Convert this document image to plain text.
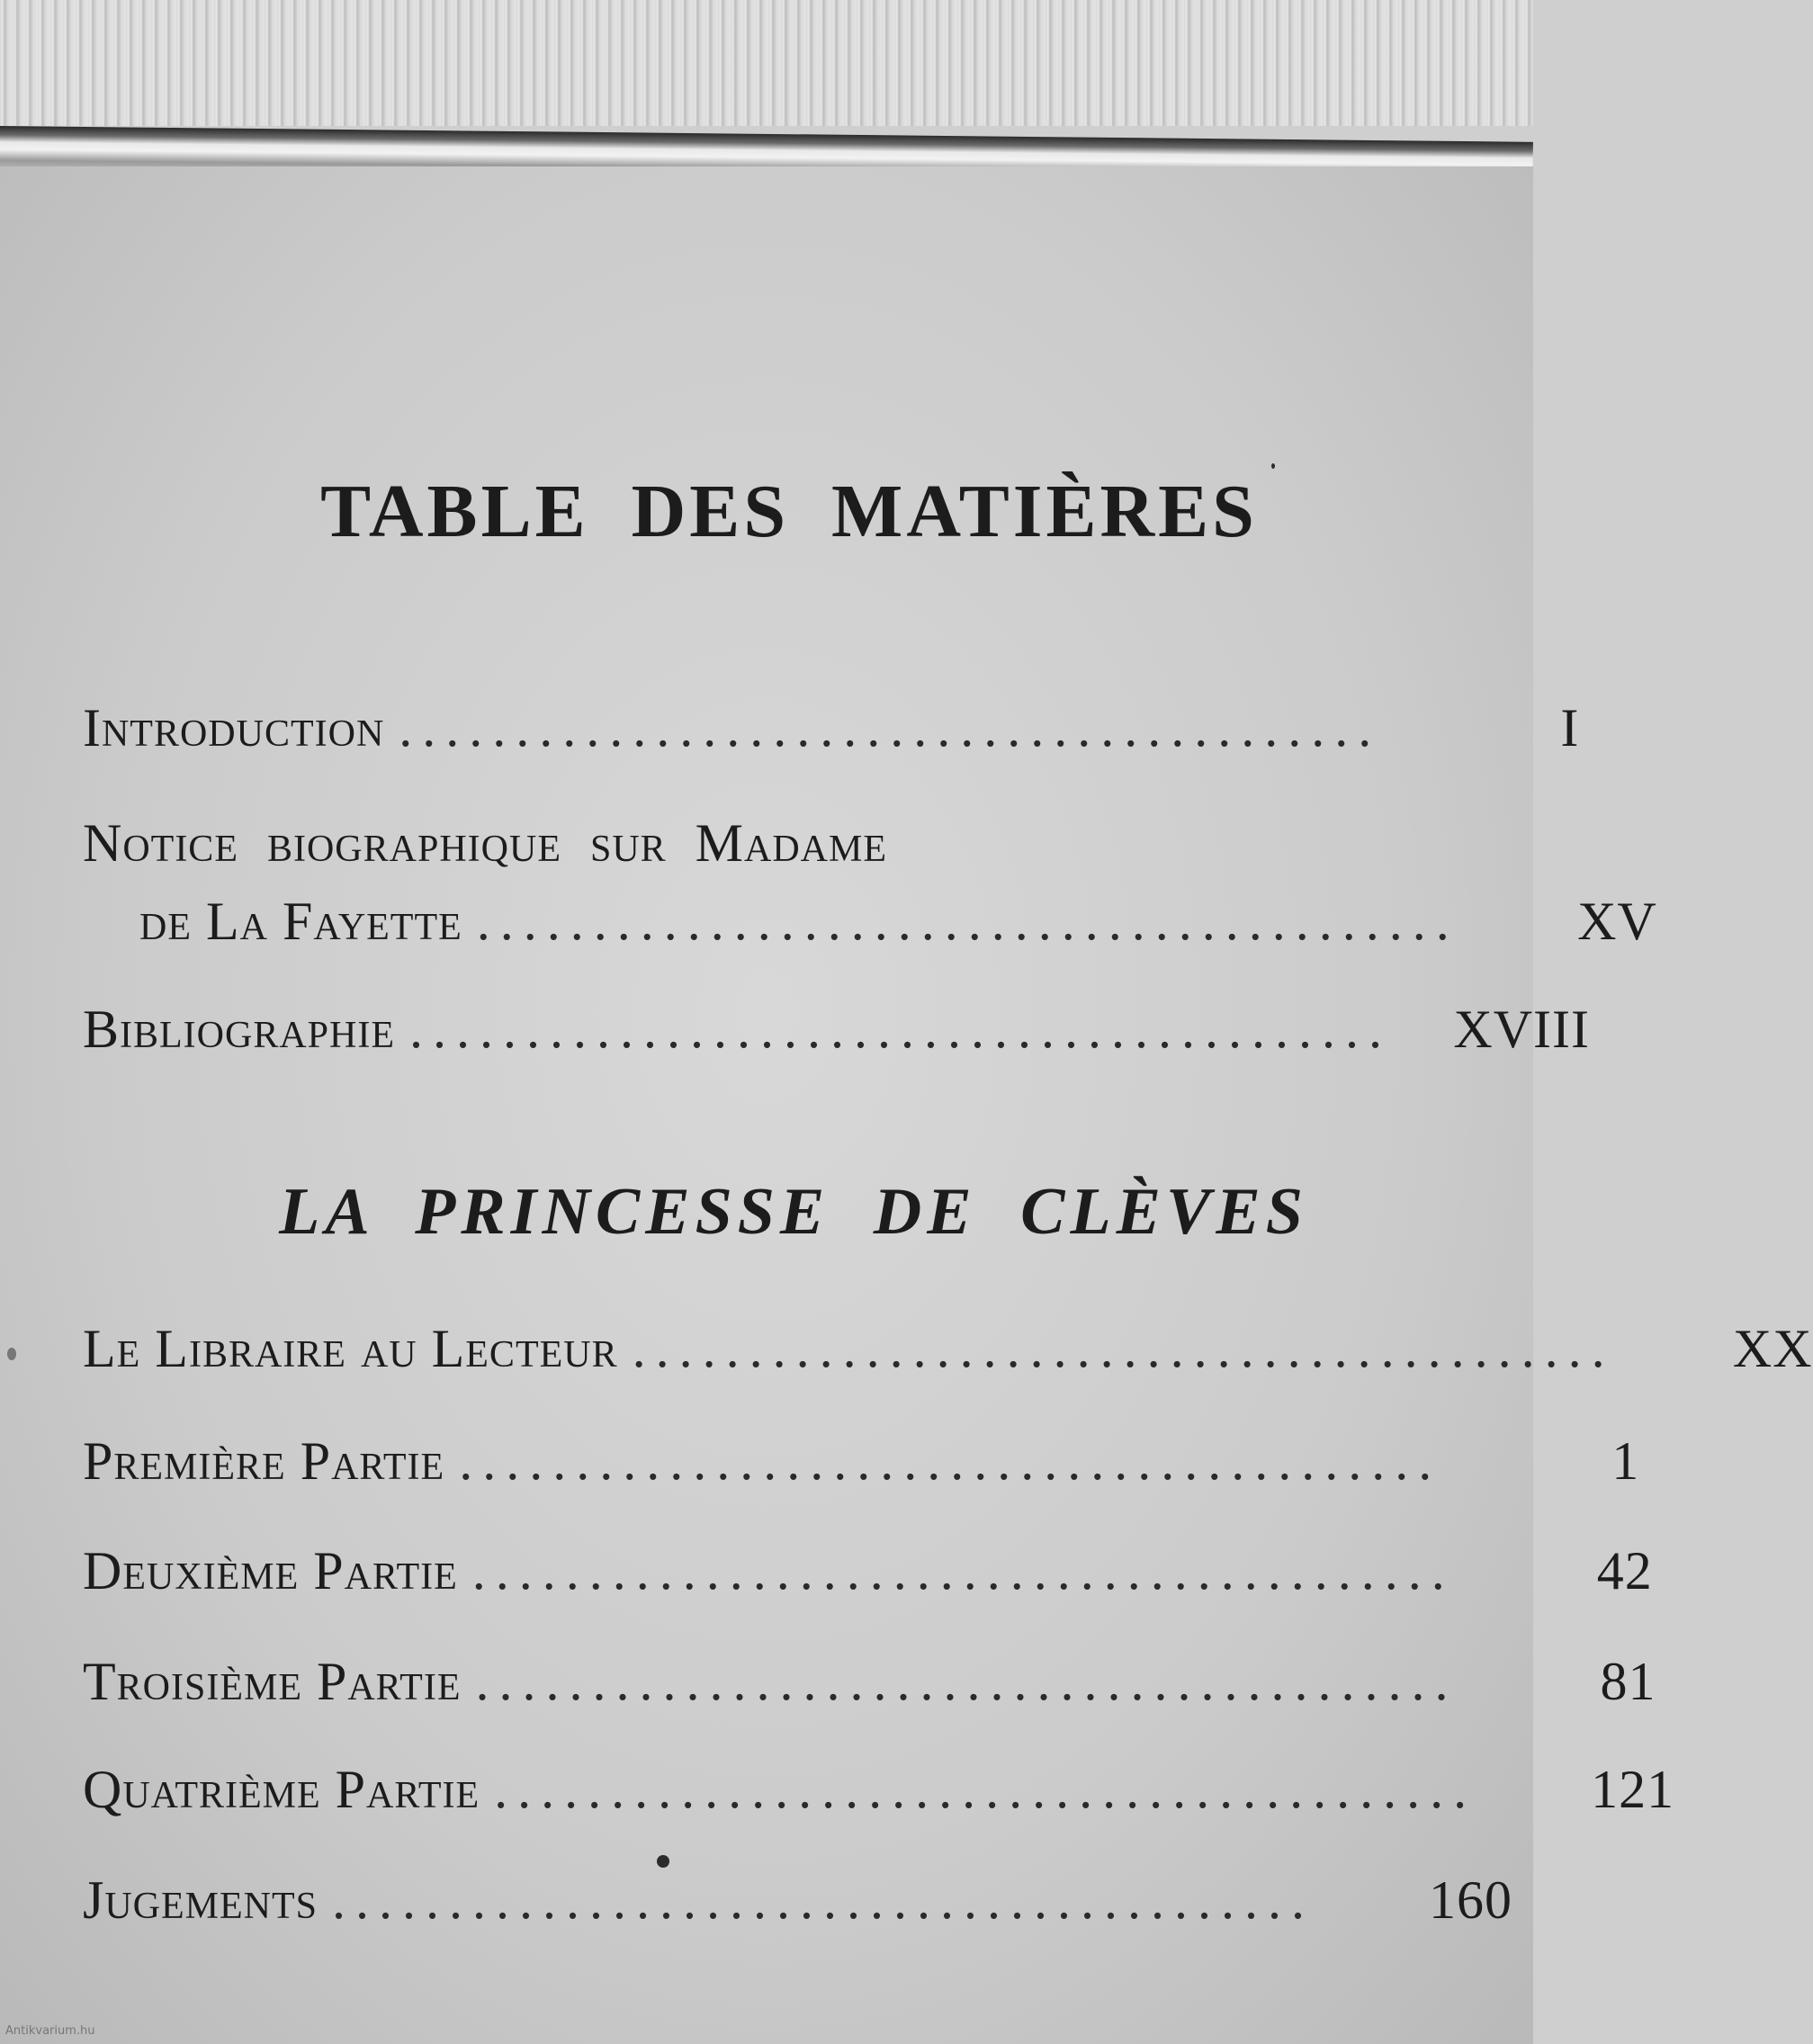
TABLE DES MATIÈRES
Introduction ..........................................	I
Notice biographique sur Madame
de La Fayette ..........................................	XV
Bibliographie ..........................................	XVIII
LA PRINCESSE DE CLÈVES
Le Libraire au Lecteur ..........................................	XX
Première Partie ..........................................	1
Deuxième Partie ..........................................	42
Troisième Partie ..........................................	81
Quatrième Partie ..........................................	121
Jugements ..........................................	160
Antikvarium.hu
